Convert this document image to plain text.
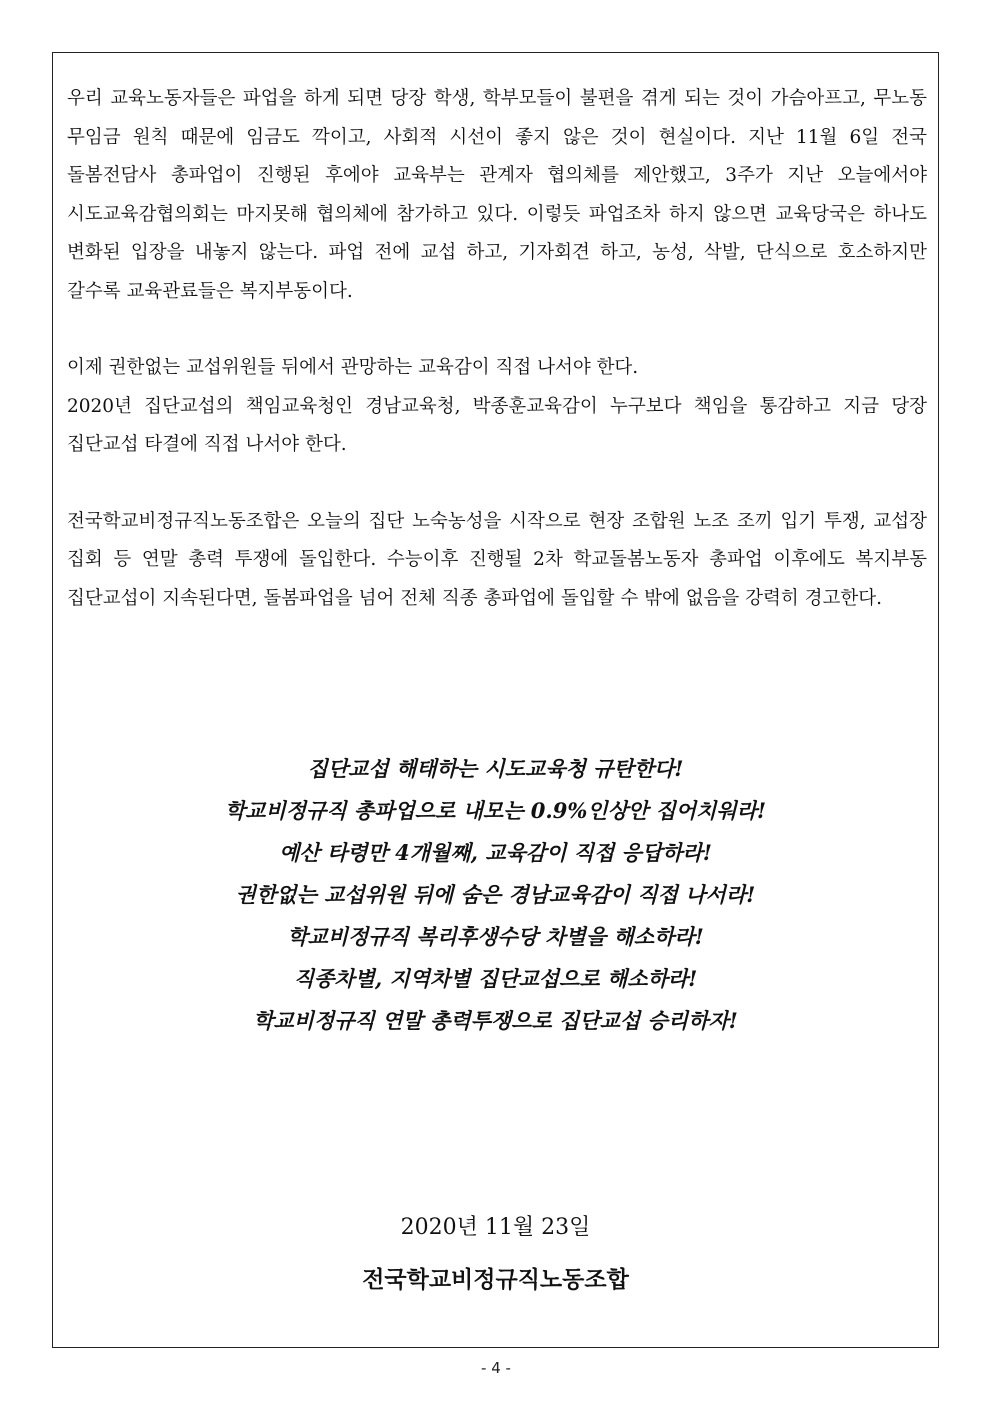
우리 교육노동자들은 파업을 하게 되면 당장 학생, 학부모들이 불편을 겪게 되는 것이 가슴아프고, 무노동 무임금 원칙 때문에 임금도 깍이고, 사회적 시선이 좋지 않은 것이 현실이다. 지난 11월 6일 전국 돌봄전담사 총파업이 진행된 후에야 교육부는 관계자 협의체를 제안했고, 3주가 지난 오늘에서야 시도교육감협의회는 마지못해 협의체에 참가하고 있다. 이렇듯 파업조차 하지 않으면 교육당국은 하나도 변화된 입장을 내놓지 않는다. 파업 전에 교섭 하고, 기자회견 하고, 농성, 삭발, 단식으로 호소하지만 갈수록 교육관료들은 복지부동이다.

이제 권한없는 교섭위원들 뒤에서 관망하는 교육감이 직접 나서야 한다.

2020년 집단교섭의 책임교육청인 경남교육청, 박종훈교육감이 누구보다 책임을 통감하고 지금 당장 집단교섭 타결에 직접 나서야 한다.

전국학교비정규직노동조합은 오늘의 집단 노숙농성을 시작으로 현장 조합원 노조 조끼 입기 투쟁, 교섭장 집회 등 연말 총력 투쟁에 돌입한다. 수능이후 진행될 2차 학교돌봄노동자 총파업 이후에도 복지부동 집단교섭이 지속된다면, 돌봄파업을 넘어 전체 직종 총파업에 돌입할 수 밖에 없음을 강력히 경고한다.

집단교섭 해태하는 시도교육청 규탄한다!

학교비정규직 총파업으로 내모는 0.9%인상안 집어치워라!

예산 타령만 4개월째, 교육감이 직접 응답하라!

권한없는 교섭위원 뒤에 숨은 경남교육감이 직접 나서라!

학교비정규직 복리후생수당 차별을 해소하라!

직종차별, 지역차별 집단교섭으로 해소하라!

학교비정규직 연말 총력투쟁으로 집단교섭 승리하자!

2020년 11월 23일
전국학교비정규직노동조합
- 4 -
